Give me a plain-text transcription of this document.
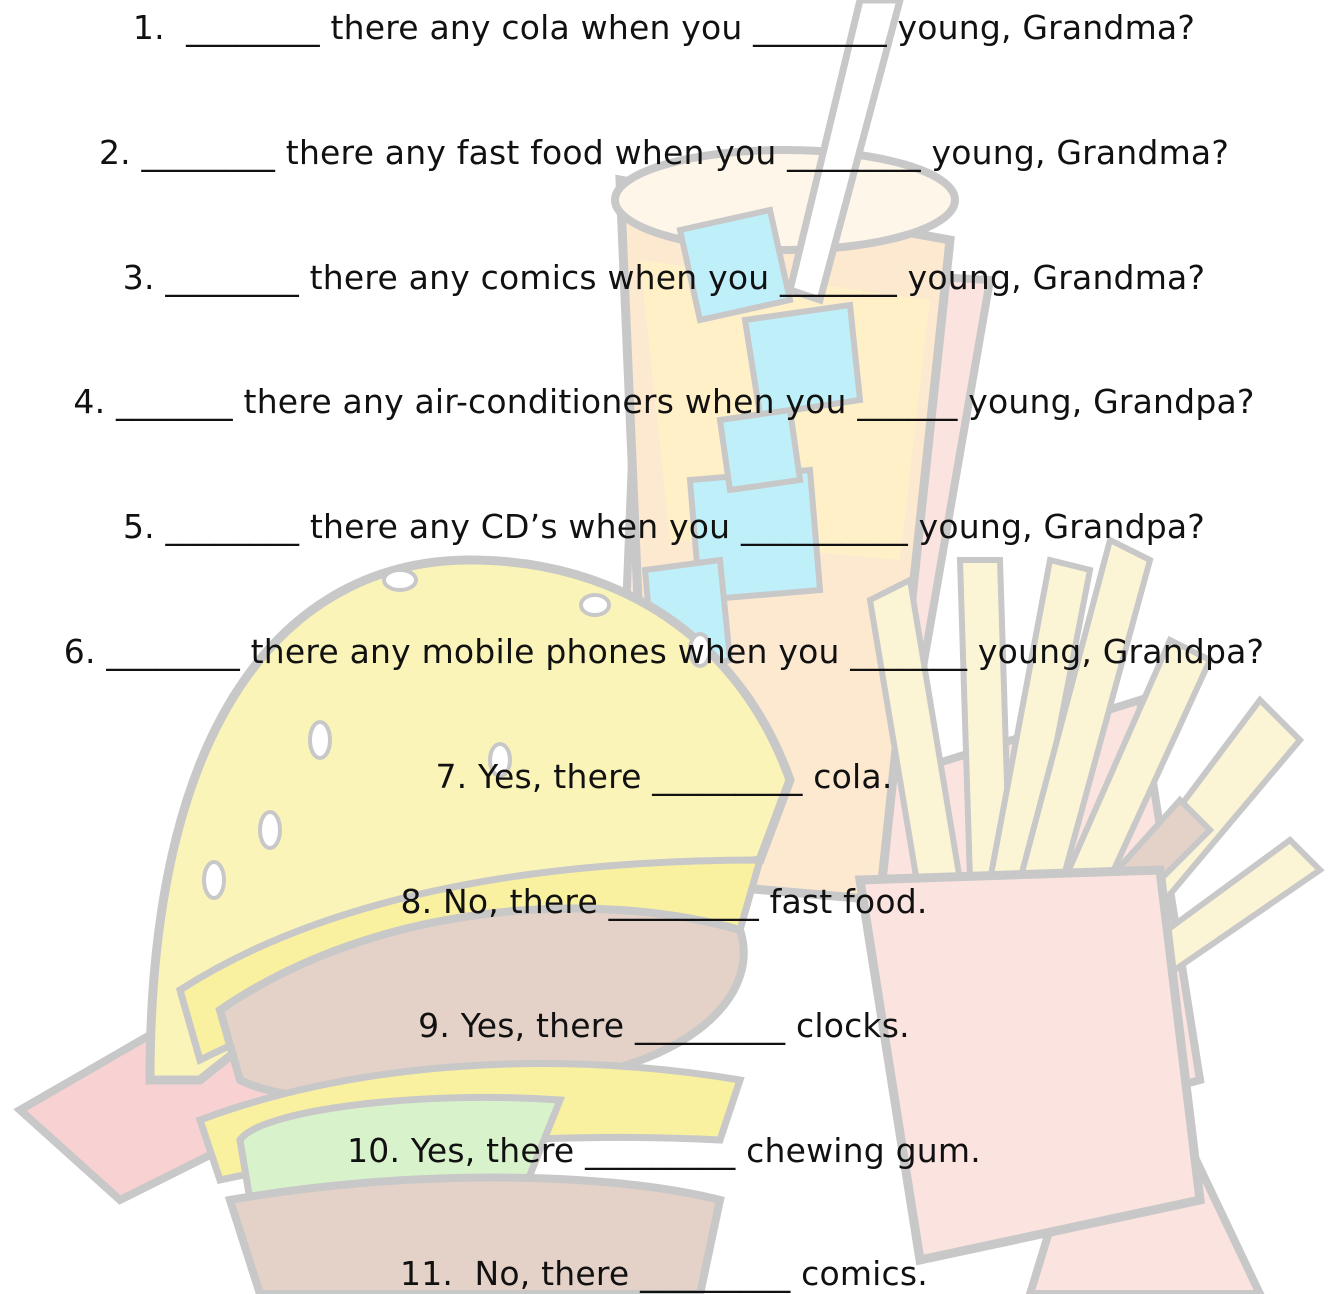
1.  ________ there any cola when you ________ young, Grandma?
2. ________ there any fast food when you ________ young, Grandma?
3. ________ there any comics when you _______ young, Grandma?
4. _______ there any air-conditioners when you ______ young, Grandpa?
5. ________ there any CD’s when you __________ young, Grandpa?
6. ________ there any mobile phones when you _______ young, Grandpa?
7. Yes, there _________ cola.
8. No, there _________ fast food.
9. Yes, there _________ clocks.
10. Yes, there _________ chewing gum.
11.  No, there _________ comics.
